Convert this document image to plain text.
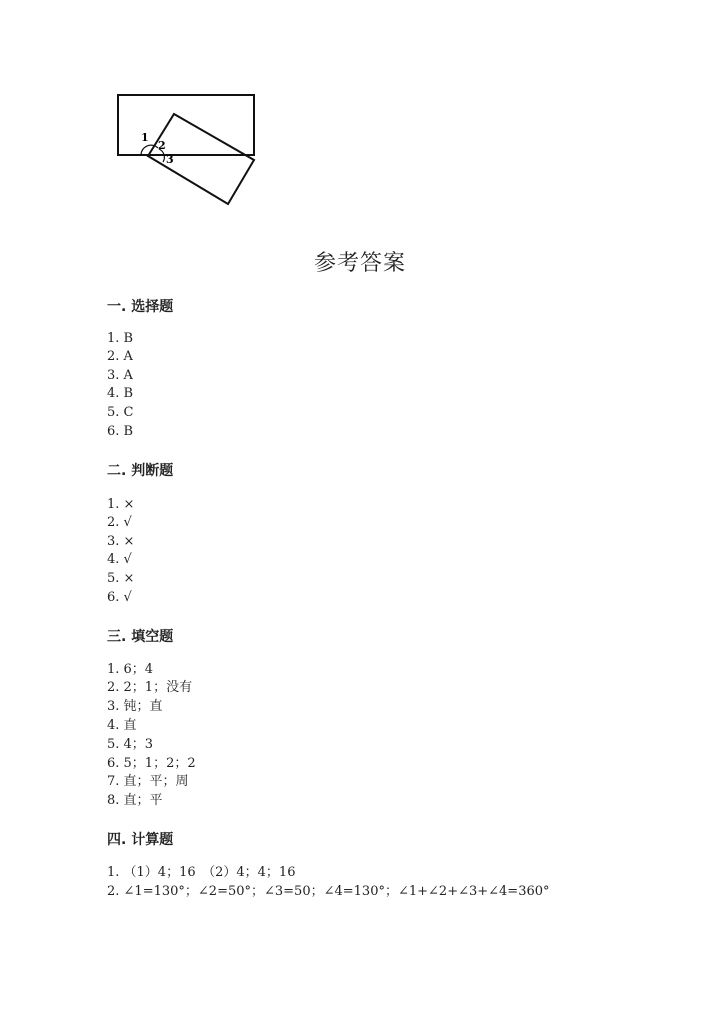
1
2
3
参考答案
一. 选择题
1. B
2. A
3. A
4. B
5. C
6. B
二. 判断题
1. ×
2. √
3. ×
4. √
5. ×
6. √
三. 填空题
1. 6；4
2. 2；1；没有
3. 钝；直
4. 直
5. 4；3
6. 5；1；2；2
7. 直；平；周
8. 直；平
四. 计算题
1. （1）4；16　（2）4；4；16
2. ∠1=130°；∠2=50°；∠3=50；∠4=130°；∠1+∠2+∠3+∠4=360°
